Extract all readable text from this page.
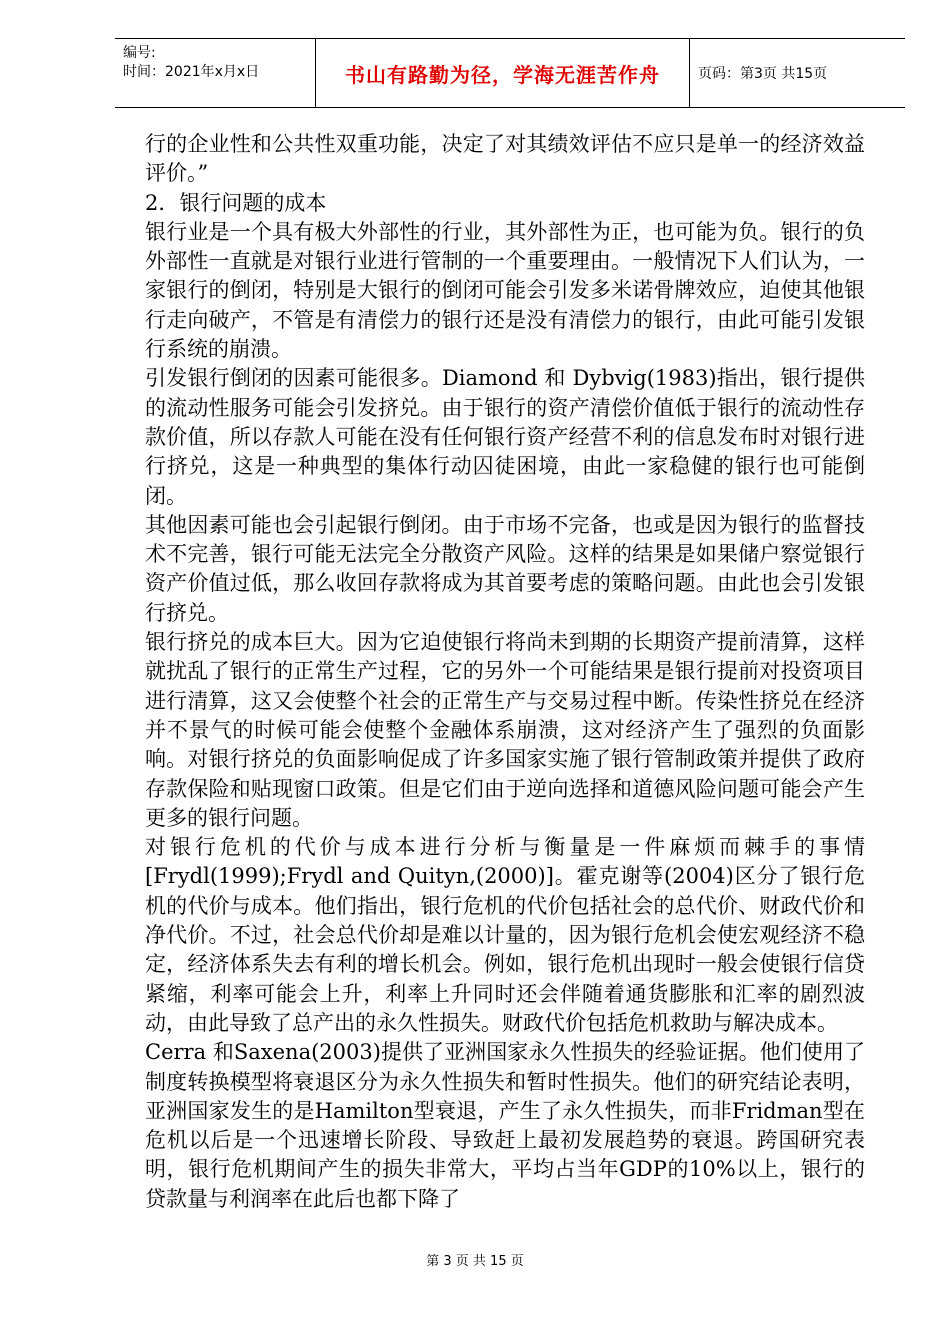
编号:
时间：2021年x月x日	书山有路勤为径，学海无涯苦作舟	页码：第3页 共15页

行的企业性和公共性双重功能，决定了对其绩效评估不应只是单一的经济效益评价。”

2．银行问题的成本

银行业是一个具有极大外部性的行业，其外部性为正，也可能为负。银行的负外部性一直就是对银行业进行管制的一个重要理由。一般情况下人们认为，一家银行的倒闭，特别是大银行的倒闭可能会引发多米诺骨牌效应，迫使其他银行走向破产，不管是有清偿力的银行还是没有清偿力的银行，由此可能引发银行系统的崩溃。

引发银行倒闭的因素可能很多。Diamond 和 Dybvig(1983)指出，银行提供的流动性服务可能会引发挤兑。由于银行的资产清偿价值低于银行的流动性存款价值，所以存款人可能在没有任何银行资产经营不利的信息发布时对银行进行挤兑，这是一种典型的集体行动囚徒困境，由此一家稳健的银行也可能倒闭。

其他因素可能也会引起银行倒闭。由于市场不完备，也或是因为银行的监督技术不完善，银行可能无法完全分散资产风险。这样的结果是如果储户察觉银行资产价值过低，那么收回存款将成为其首要考虑的策略问题。由此也会引发银行挤兑。

银行挤兑的成本巨大。因为它迫使银行将尚未到期的长期资产提前清算，这样就扰乱了银行的正常生产过程，它的另外一个可能结果是银行提前对投资项目进行清算，这又会使整个社会的正常生产与交易过程中断。传染性挤兑在经济并不景气的时候可能会使整个金融体系崩溃，这对经济产生了强烈的负面影响。对银行挤兑的负面影响促成了许多国家实施了银行管制政策并提供了政府存款保险和贴现窗口政策。但是它们由于逆向选择和道德风险问题可能会产生更多的银行问题。

对银行危机的代价与成本进行分析与衡量是一件麻烦而棘手的事情[Frydl(1999);Frydl and Quityn,(2000)]。霍克谢等(2004)区分了银行危机的代价与成本。他们指出，银行危机的代价包括社会的总代价、财政代价和净代价。不过，社会总代价却是难以计量的，因为银行危机会使宏观经济不稳定，经济体系失去有利的增长机会。例如，银行危机出现时一般会使银行信贷紧缩，利率可能会上升，利率上升同时还会伴随着通货膨胀和汇率的剧烈波动，由此导致了总产出的永久性损失。财政代价包括危机救助与解决成本。

Cerra 和Saxena(2003)提供了亚洲国家永久性损失的经验证据。他们使用了制度转换模型将衰退区分为永久性损失和暂时性损失。他们的研究结论表明，亚洲国家发生的是Hamilton型衰退，产生了永久性损失，而非Fridman型在危机以后是一个迅速增长阶段、导致赶上最初发展趋势的衰退。跨国研究表明，银行危机期间产生的损失非常大，平均占当年GDP的10%以上，银行的贷款量与利润率在此后也都下降了

第 3 页 共 15 页
